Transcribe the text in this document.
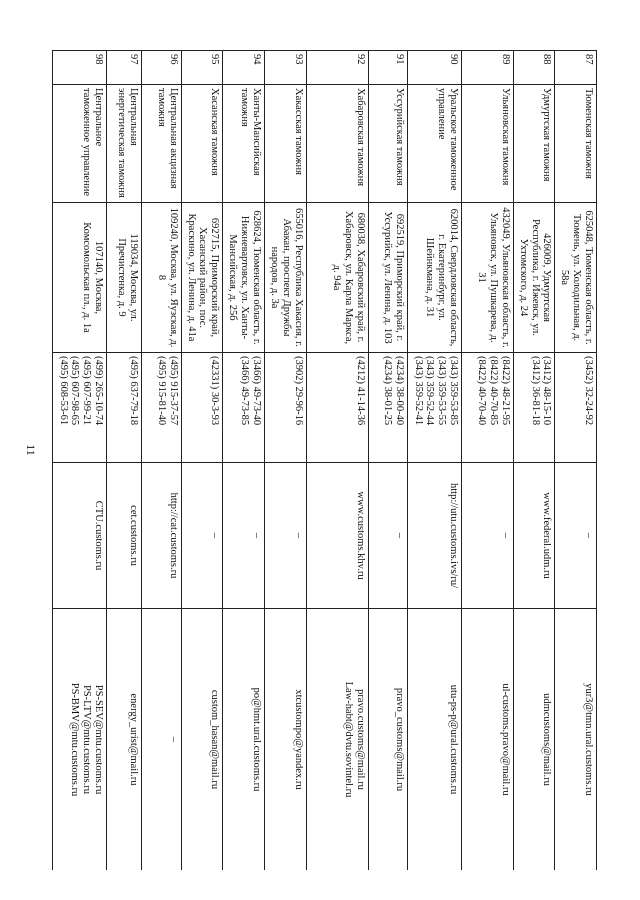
11
87	Тюменская таможня	625048, Тюменская область, г. Тюмень, ул. Холодильная, д. 58а	(3452) 32-24-92	–	yur3@tmn.ural.customs.ru

88	Удмуртская таможня	426009, Удмуртская Республика, г. Ижевск, ул. Ухтомского, д. 24	(3412) 48-15-10
(3412) 36-81-18	www.federal.udm.ru	udmcustoms@mail.ru

89	Ульяновская таможня	432049, Ульяновская область, г. Ульяновск, ул. Пушкарева, д. 31	(8422) 48-21-95
(8422) 40-70-85
(8422) 40-70-40	–	ul-customs.pravo@mail.ru

90	Уральское таможенное управление	620014, Свердловская область, г. Екатеринбург, ул. Шейнкмана, д. 31	(343) 359-53-85
(343) 359-53-55
(343) 359-52-44
(343) 359-52-41	http://utu.customs.ivs/ru/	utu-ps-p@ural.customs.ru

91	Уссурийская таможня	692519, Приморский край, г. Уссурийск, ул. Ленина, д. 103	(4234) 38-00-40
(4234) 38-01-25	–	pravo_customs@mail.ru

92	Хабаровская таможня	680038, Хабаровский край, г. Хабаровск, ул. Карла Маркса, д. 94а	(4212) 41-14-36	www.customs.khv.ru	pravo.customs@mail.ru
Law-habt@dvtu.sovintel.ru

93	Хакасская таможня	655016, Республика Хакасия, г. Абакан, проспект Дружбы народов, д. 3а	(3902) 29-96-16	–	xtcustompo@yandex.ru

94	Ханты-Мансийская таможня	628624, Тюменская область, г. Нижневартовск, ул. Ханты-Мансийская, д. 25б	(3466) 49-73-40
(3466) 49-73-85	–	po@hmt.ural.customs.ru

95	Хасанская таможня	692715, Приморский край, Хасанский район, пос. Краскино, ул. Ленина, д. 41а	(42331) 30-3-93	–	custom_hasan@mail.ru

96	Центральная акцизная таможня	109240, Москва, ул. Яузская, д. 8	(495) 915-37-57
(495) 915-81-40	http://cat.customs.ru	–

97	Центральная энергетическая таможня	119034, Москва, ул. Пречистенка, д. 9	(495) 637-79-18	cet.customs.ru	energy_urist@mail.ru

98	Центральное таможенное управление	107140, Москва, Комсомольская пл., д. 1а	(499) 265-10-74
(495) 607-99-21
(495) 607-98-65
(495) 608-53-61	CTU.customs.ru	PS-SEV@mtu.customs.ru
PS-LTV@mtu.customs.ru
PS-BMV@mtu.customs.ru
